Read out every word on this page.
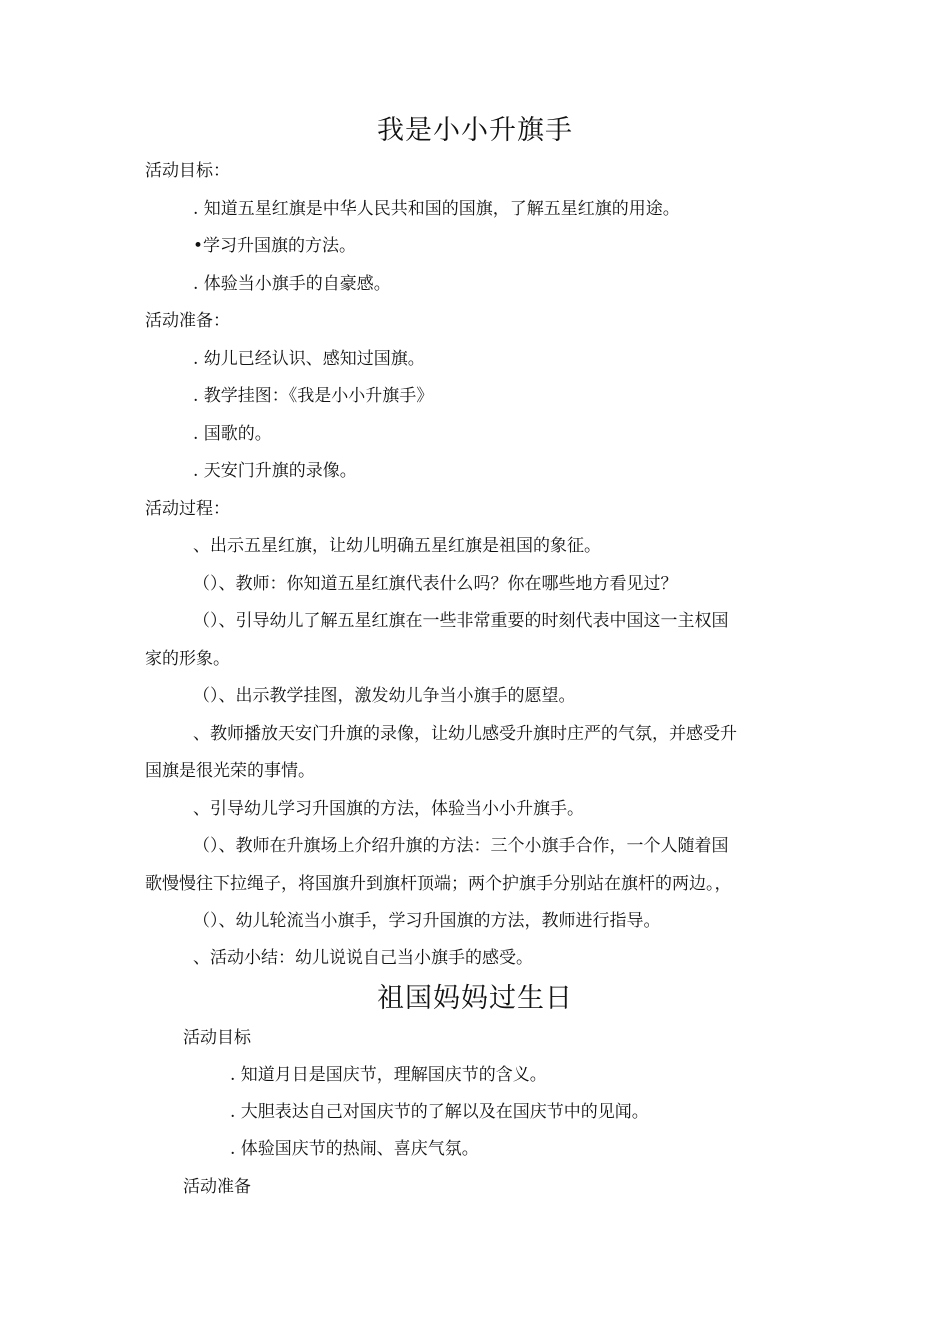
我是小小升旗手
活动目标：
. 知道五星红旗是中华人民共和国的国旗，了解五星红旗的用途。
•学习升国旗的方法。
. 体验当小旗手的自豪感。
活动准备：
. 幼儿已经认识、感知过国旗。
. 教学挂图：《我是小小升旗手》
. 国歌的。
. 天安门升旗的录像。
活动过程：
、出示五星红旗，让幼儿明确五星红旗是祖国的象征。
（）、教师：你知道五星红旗代表什么吗？你在哪些地方看见过？
（）、引导幼儿了解五星红旗在一些非常重要的时刻代表中国这一主权国
家的形象。
（）、出示教学挂图，激发幼儿争当小旗手的愿望。
、教师播放天安门升旗的录像，让幼儿感受升旗时庄严的气氛，并感受升
国旗是很光荣的事情。
、引导幼儿学习升国旗的方法，体验当小小升旗手。
（）、教师在升旗场上介绍升旗的方法：三个小旗手合作，一个人随着国
歌慢慢往下拉绳子，将国旗升到旗杆顶端；两个护旗手分别站在旗杆的两边。，
（）、幼儿轮流当小旗手，学习升国旗的方法，教师进行指导。
、活动小结：幼儿说说自己当小旗手的感受。
祖国妈妈过生日
活动目标
. 知道月日是国庆节，理解国庆节的含义。
. 大胆表达自己对国庆节的了解以及在国庆节中的见闻。
. 体验国庆节的热闹、喜庆气氛。
活动准备
